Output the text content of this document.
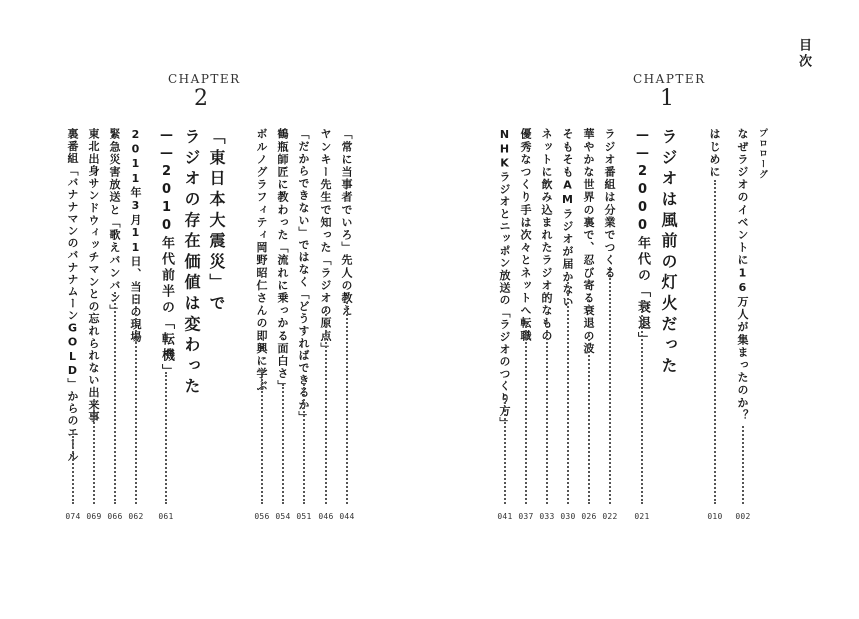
目次
CHAPTER
1
プロローグ
なぜラジオのイベントに16万人が集まったのか？
002
はじめに
010
ラジオは風前の灯火だった
——2000年代の「衰退」
021
ラジオ番組は分業でつくる
022
華やかな世界の裏で、忍び寄る衰退の波
026
そもそもAMラジオが届かない
030
ネットに飲み込まれたラジオ的なもの
033
優秀なつくり手は次々とネットへ転職
037
NHKラジオとニッポン放送の「ラジオのつくり方」
041
「常に当事者でいろ」先人の教え
044
ヤンキー先生で知った「ラジオの原点」
046
「だからできない」ではなく「どうすればできるか」
051
鶴瓶師匠に教わった「流れに乗っかる面白さ」
054
ボルノグラフィティ岡野昭仁さんの即興に学ぶ
056
CHAPTER
2
「東日本大震災」で
ラジオの存在価値は変わった
——2010年代前半の「転機」
061
2011年3月11日、当日の現場
062
緊急災害放送と「歌えバンバン」
066
東北出身サンドウィッチマンとの忘れられない出来事
069
裏番組「バナナマンのバナナムーンGOLD」からのエール
074
